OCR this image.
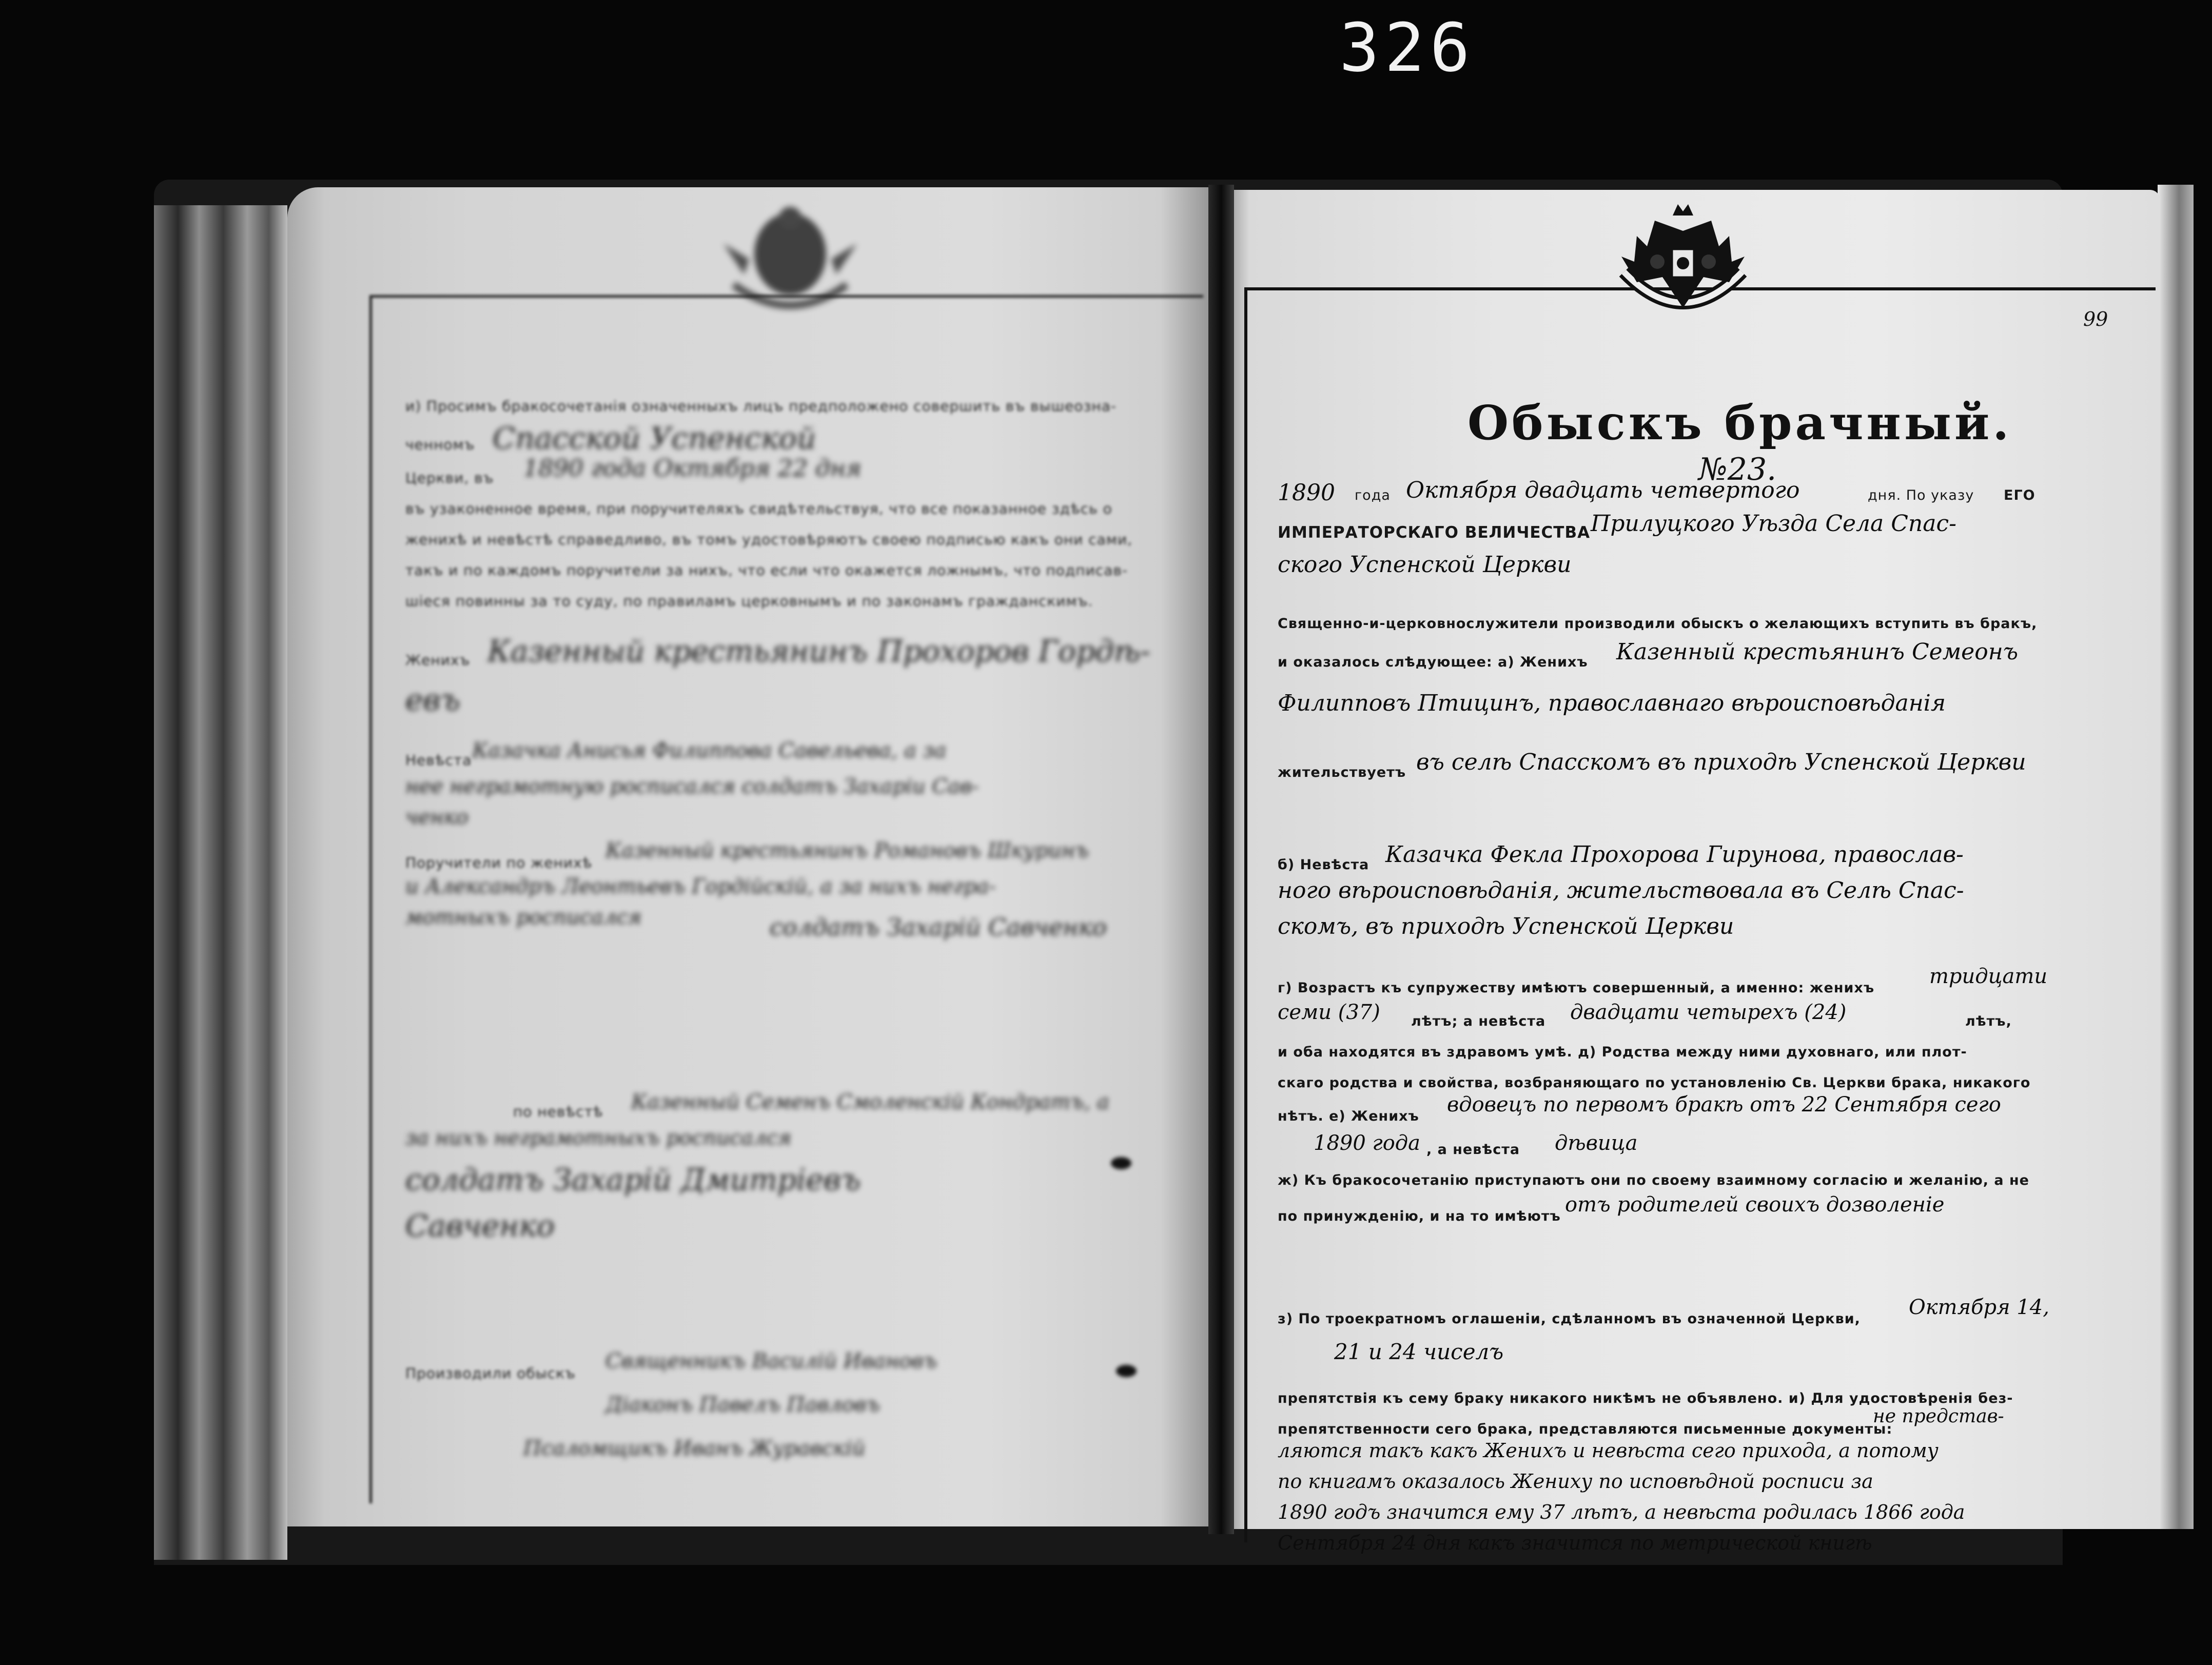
326
99
и) Просимъ бракосочетанія означенныхъ лицъ предположено совершить въ вышеозна-
ченномъ Спасской Успенской
Церкви, въ 1890 года Октября 22 дня
въ узаконенное время, при поручителяхъ свидѣтельствуя, что все показанное здѣсь о
женихѣ и невѣстѣ справедливо, въ томъ удостовѣряютъ своею подписью какъ они сами,
такъ и по каждомъ поручители за нихъ, что если что окажется ложнымъ, что подписав-
шіеся повинны за то суду, по правиламъ церковнымъ и по законамъ гражданскимъ.
Женихъ Казенный крестьянинъ Прохоров Гордѣ-
евъ
Невѣста Казачка Анисья Филиппова Савельева, а за
нее неграмотную росписался солдатъ Захаріи Сав-
ченко
Поручители по женихѣ
Казенный крестьянинъ Романовъ Шкуринъ
и Александръ Леонтьевъ Гордійскій, а за нихъ негра-
мотныхъ росписался	солдатъ Захарій Савченко
по невѣстѣ Казенный Семенъ Смоленскій Кондратъ, а
за нихъ неграмотныхъ росписался
солдатъ Захарій Дмитріевъ
Савченко
Производили обыскъ
Священникъ Василій Ивановъ
Діаконъ Павелъ Павловъ
Псаломщикъ Иванъ Журавскій
Обыскъ брачный.
№23.
1890 года Октября двадцать четвертого	дня. По указу ЕГО
ИМПЕРАТОРСКАГО ВЕЛИЧЕСТВА Прилуцкого Уѣзда Села Спас-
ского Успенской Церкви
Священно-и-церковнослужители производили обыскъ о желающихъ вступить въ бракъ,
и оказалось слѣдующее: а) Женихъ Казенный крестьянинъ Семеонъ
Филипповъ Птицинъ, православнаго вѣроисповѣданія
жительствуетъ въ селѣ Спасскомъ въ приходѣ Успенской Церкви
б) Невѣста Казачка Фекла Прохорова Гирунова, православ-
ного вѣроисповѣданія, жительствовала въ Селѣ Спас-
скомъ, въ приходѣ Успенской Церкви
г) Возрастъ къ супружеству имѣютъ совершенный, а именно: женихъ	тридцати
семи (37) лѣтъ; а невѣста двадцати четырехъ (24)	лѣтъ,
и оба находятся въ здравомъ умѣ. д) Родства между ними духовнаго, или плот-
скаго родства и свойства, возбраняющаго по установленію Св. Церкви брака, никакого
нѣтъ. е) Женихъ вдовецъ по первомъ бракѣ отъ 22 Сентября сего
1890 года , а невѣста дѣвица
ж) Къ бракосочетанію приступаютъ они по своему взаимному согласію и желанію, а не
по принужденію, и на то имѣютъ отъ родителей своихъ дозволеніе
з) По троекратномъ оглашеніи, сдѣланномъ въ означенной Церкви, Октября 14,
21 и 24 чиселъ
препятствія къ сему браку никакого никѣмъ не объявлено. и) Для удостовѣренія без-
препятственности сего брака, представляются письменные документы:
не представ-
ляются такъ какъ Женихъ и невѣста сего прихода, а потому
по книгамъ оказалось Жениху по исповѣдной росписи за
1890 годъ значится ему 37 лѣтъ, а невѣста родилась 1866 года
Сентября 24 дня какъ значится по метрической книгѣ
